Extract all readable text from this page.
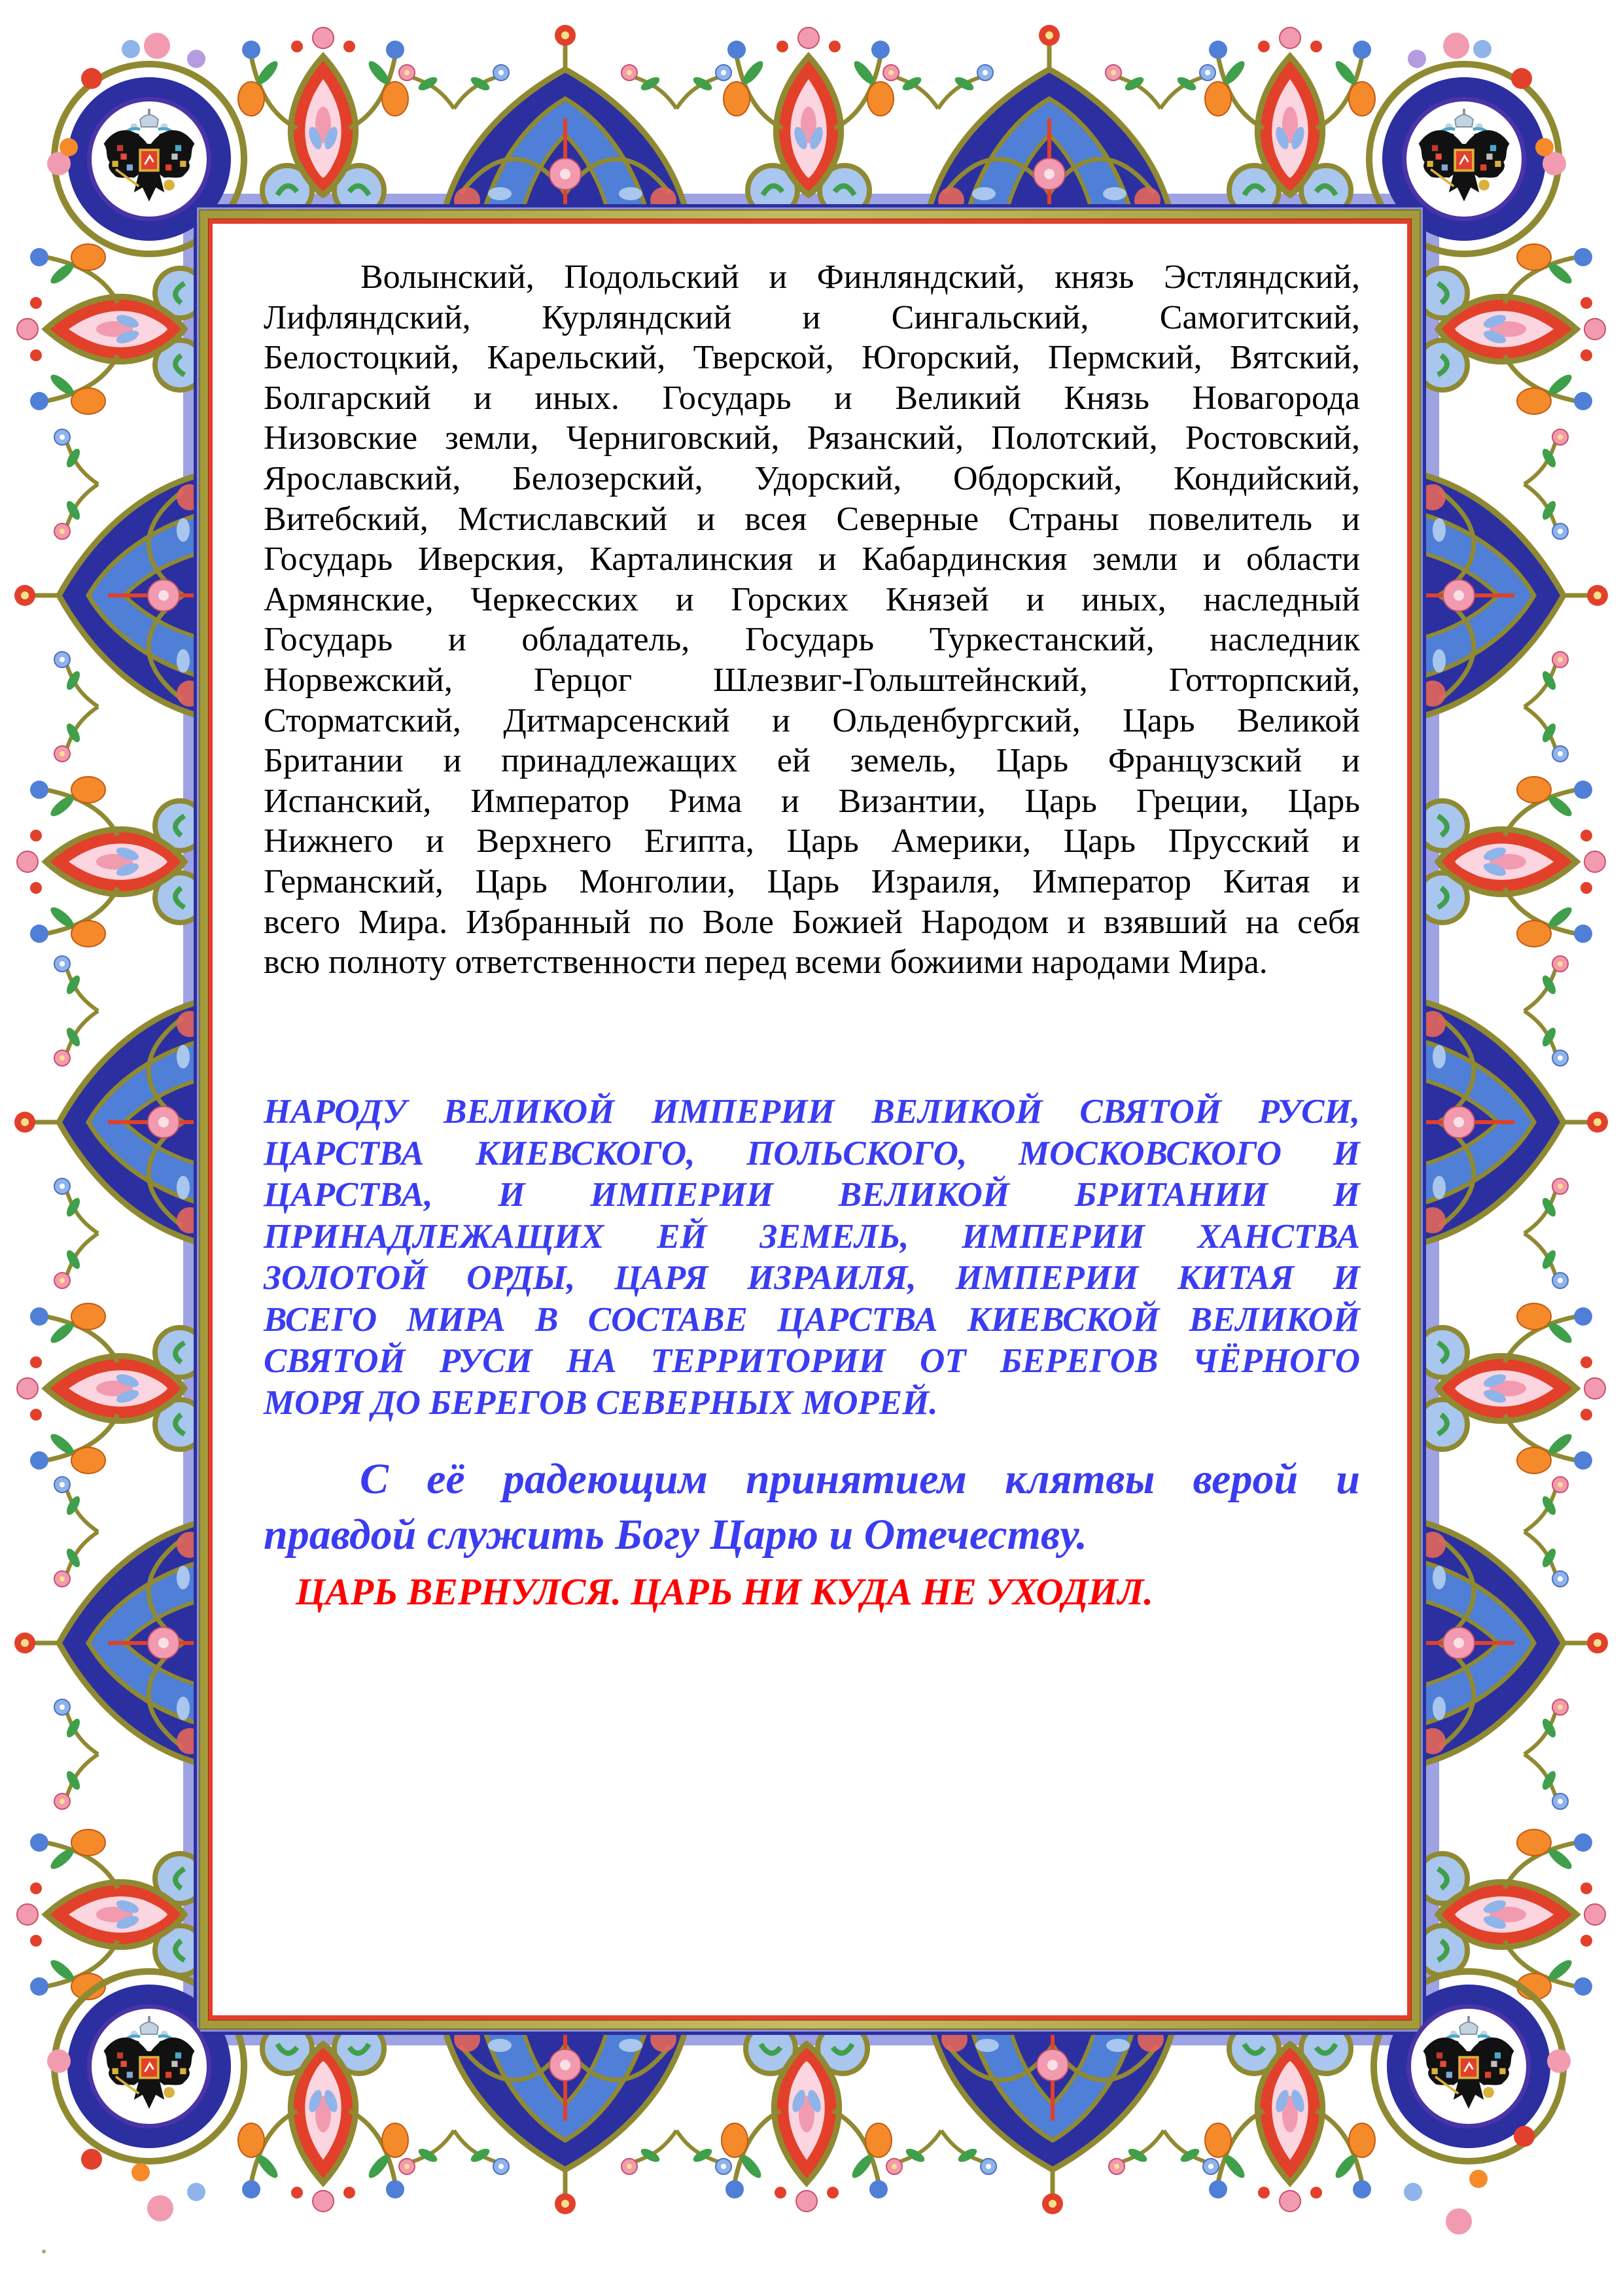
Волынский, Подольский и Финляндский, князь Эстляндский,
Лифляндский, Курляндский и Сингальский, Самогитский,
Белостоцкий, Карельский, Тверской, Югорский, Пермский, Вятский,
Болгарский и иных. Государь и Великий Князь Новагорода
Низовские земли, Черниговский, Рязанский, Полотский, Ростовский,
Ярославский, Белозерский, Удорский, Обдорский, Кондийский,
Витебский, Мстиславский и всея Северные Страны повелитель и
Государь Иверския, Карталинския и Кабардинския земли и области
Армянские, Черкесских и Горских Князей и иных, наследный
Государь и обладатель, Государь Туркестанский, наследник
Норвежский, Герцог Шлезвиг-Гольштейнский, Готторпский,
Сторматский, Дитмарсенский и Ольденбургский, Царь Великой
Британии и принадлежащих ей земель, Царь Французский и
Испанский, Император Рима и Византии, Царь Греции, Царь
Нижнего и Верхнего Египта, Царь Америки, Царь Прусский и
Германский, Царь Монголии, Царь Израиля, Император Китая и
всего Мира. Избранный по Воле Божией Народом и взявший на себя
всю полноту ответственности перед всеми божиими народами Мира.
НАРОДУ ВЕЛИКОЙ ИМПЕРИИ ВЕЛИКОЙ СВЯТОЙ РУСИ,
ЦАРСТВА КИЕВСКОГО, ПОЛЬСКОГО, МОСКОВСКОГО И
ЦАРСТВА, И ИМПЕРИИ ВЕЛИКОЙ БРИТАНИИ И
ПРИНАДЛЕЖАЩИХ ЕЙ ЗЕМЕЛЬ, ИМПЕРИИ ХАНСТВА
ЗОЛОТОЙ ОРДЫ, ЦАРЯ ИЗРАИЛЯ, ИМПЕРИИ КИТАЯ И
ВСЕГО МИРА В СОСТАВЕ ЦАРСТВА КИЕВСКОЙ ВЕЛИКОЙ
СВЯТОЙ РУСИ НА ТЕРРИТОРИИ ОТ БЕРЕГОВ ЧЁРНОГО
МОРЯ ДО БЕРЕГОВ СЕВЕРНЫХ МОРЕЙ.
С её радеющим принятием клятвы верой и
правдой служить Богу Царю и Отечеству.
ЦАРЬ ВЕРНУЛСЯ. ЦАРЬ НИ КУДА НЕ УХОДИЛ.
